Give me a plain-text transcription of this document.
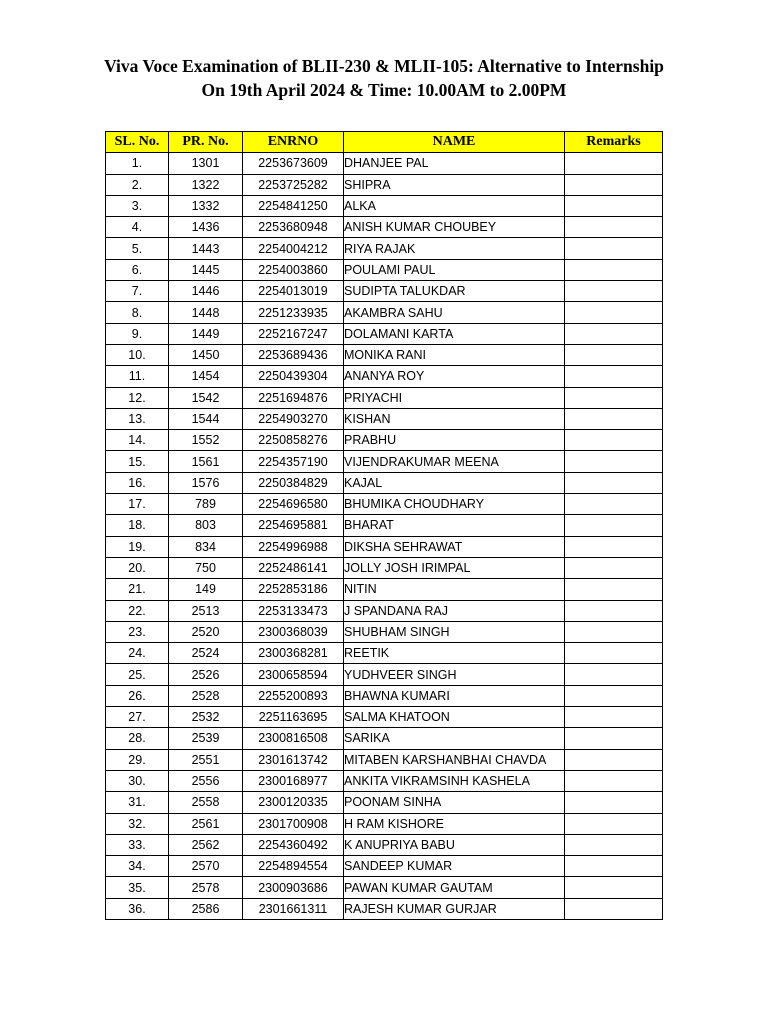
Viva Voce Examination of BLII-230 & MLII-105: Alternative to Internship
On 19th April 2024 & Time: 10.00AM to 2.00PM
SL. No.	PR. No.	ENRNO	NAME	Remarks
1.	1301	2253673609	DHANJEE PAL	
2.	1322	2253725282	SHIPRA	
3.	1332	2254841250	ALKA	
4.	1436	2253680948	ANISH KUMAR CHOUBEY	
5.	1443	2254004212	RIYA RAJAK	
6.	1445	2254003860	POULAMI PAUL	
7.	1446	2254013019	SUDIPTA TALUKDAR	
8.	1448	2251233935	AKAMBRA SAHU	
9.	1449	2252167247	DOLAMANI KARTA	
10.	1450	2253689436	MONIKA RANI	
11.	1454	2250439304	ANANYA ROY	
12.	1542	2251694876	PRIYACHI	
13.	1544	2254903270	KISHAN	
14.	1552	2250858276	PRABHU	
15.	1561	2254357190	VIJENDRAKUMAR MEENA	
16.	1576	2250384829	KAJAL	
17.	789	2254696580	BHUMIKA CHOUDHARY	
18.	803	2254695881	BHARAT	
19.	834	2254996988	DIKSHA SEHRAWAT	
20.	750	2252486141	JOLLY JOSH IRIMPAL	
21.	149	2252853186	NITIN	
22.	2513	2253133473	J SPANDANA RAJ	
23.	2520	2300368039	SHUBHAM SINGH	
24.	2524	2300368281	REETIK	
25.	2526	2300658594	YUDHVEER SINGH	
26.	2528	2255200893	BHAWNA KUMARI	
27.	2532	2251163695	SALMA KHATOON	
28.	2539	2300816508	SARIKA	
29.	2551	2301613742	MITABEN KARSHANBHAI CHAVDA	
30.	2556	2300168977	ANKITA VIKRAMSINH KASHELA	
31.	2558	2300120335	POONAM SINHA	
32.	2561	2301700908	H RAM KISHORE	
33.	2562	2254360492	K ANUPRIYA BABU	
34.	2570	2254894554	SANDEEP KUMAR	
35.	2578	2300903686	PAWAN KUMAR GAUTAM	
36.	2586	2301661311	RAJESH KUMAR GURJAR	
